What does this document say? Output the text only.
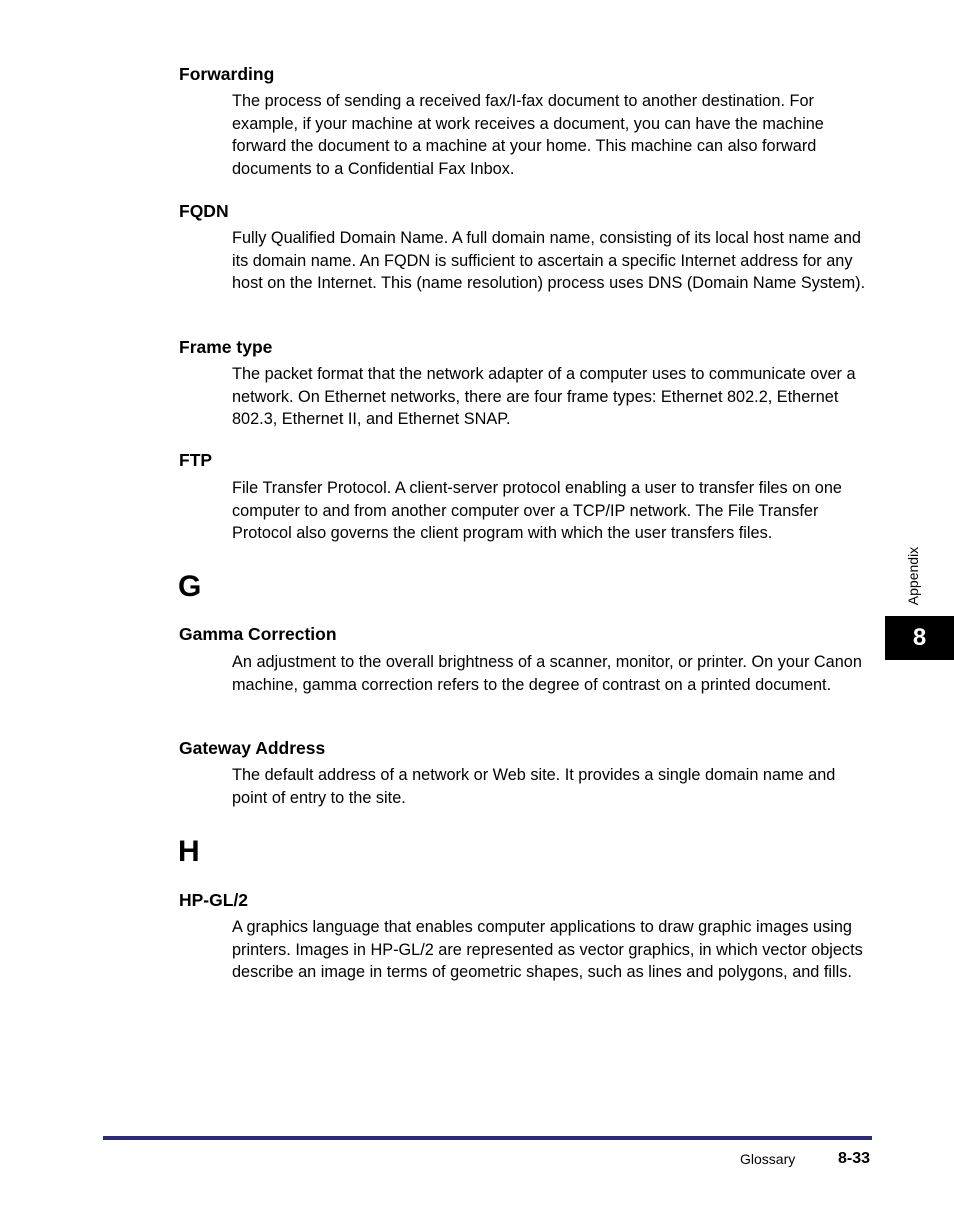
Forwarding
The process of sending a received fax/I-fax document to another destination. For example, if your machine at work receives a document, you can have the machine forward the document to a machine at your home. This machine can also forward documents to a Confidential Fax Inbox.
FQDN
Fully Qualified Domain Name. A full domain name, consisting of its local host name and its domain name. An FQDN is sufficient to ascertain a specific Internet address for any host on the Internet. This (name resolution) process uses DNS (Domain Name System).
Frame type
The packet format that the network adapter of a computer uses to communicate over a network. On Ethernet networks, there are four frame types: Ethernet 802.2, Ethernet 802.3, Ethernet II, and Ethernet SNAP.
FTP
File Transfer Protocol. A client-server protocol enabling a user to transfer files on one computer to and from another computer over a TCP/IP network. The File Transfer Protocol also governs the client program with which the user transfers files.
G
Gamma Correction
An adjustment to the overall brightness of a scanner, monitor, or printer. On your Canon machine, gamma correction refers to the degree of contrast on a printed document.
Gateway Address
The default address of a network or Web site. It provides a single domain name and point of entry to the site.
H
HP-GL/2
A graphics language that enables computer applications to draw graphic images using printers. Images in HP-GL/2 are represented as vector graphics, in which vector objects describe an image in terms of geometric shapes, such as lines and polygons, and fills.
Appendix
8
Glossary	8-33
